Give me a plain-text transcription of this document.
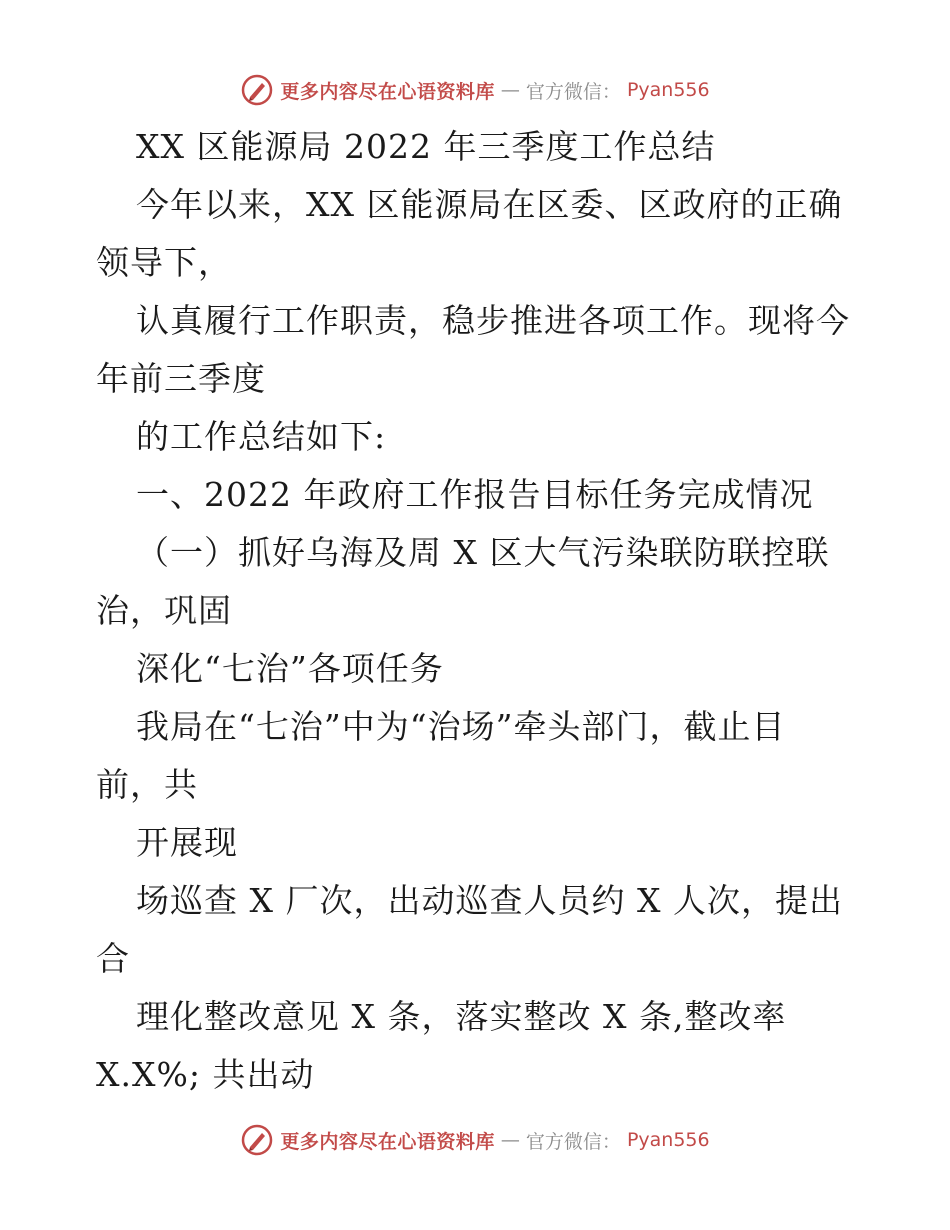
更多内容尽在心语资料库 — 官方微信： Pyan556
XX 区能源局 2022 年三季度工作总结
今年以来，XX 区能源局在区委、区政府的正确
领导下，
认真履行工作职责，稳步推进各项工作。现将今
年前三季度
的工作总结如下:
一、2022 年政府工作报告目标任务完成情况
（一）抓好乌海及周 X 区大气污染联防联控联
治，巩固
深化“七治”各项任务
我局在“七治”中为“治场”牵头部门，截止目
前，共
开展现
场巡查 X 厂次，出动巡查人员约 X 人次，提出
合
理化整改意见 X 条，落实整改 X 条,整改率
X.X%; 共出动
更多内容尽在心语资料库 — 官方微信： Pyan556
